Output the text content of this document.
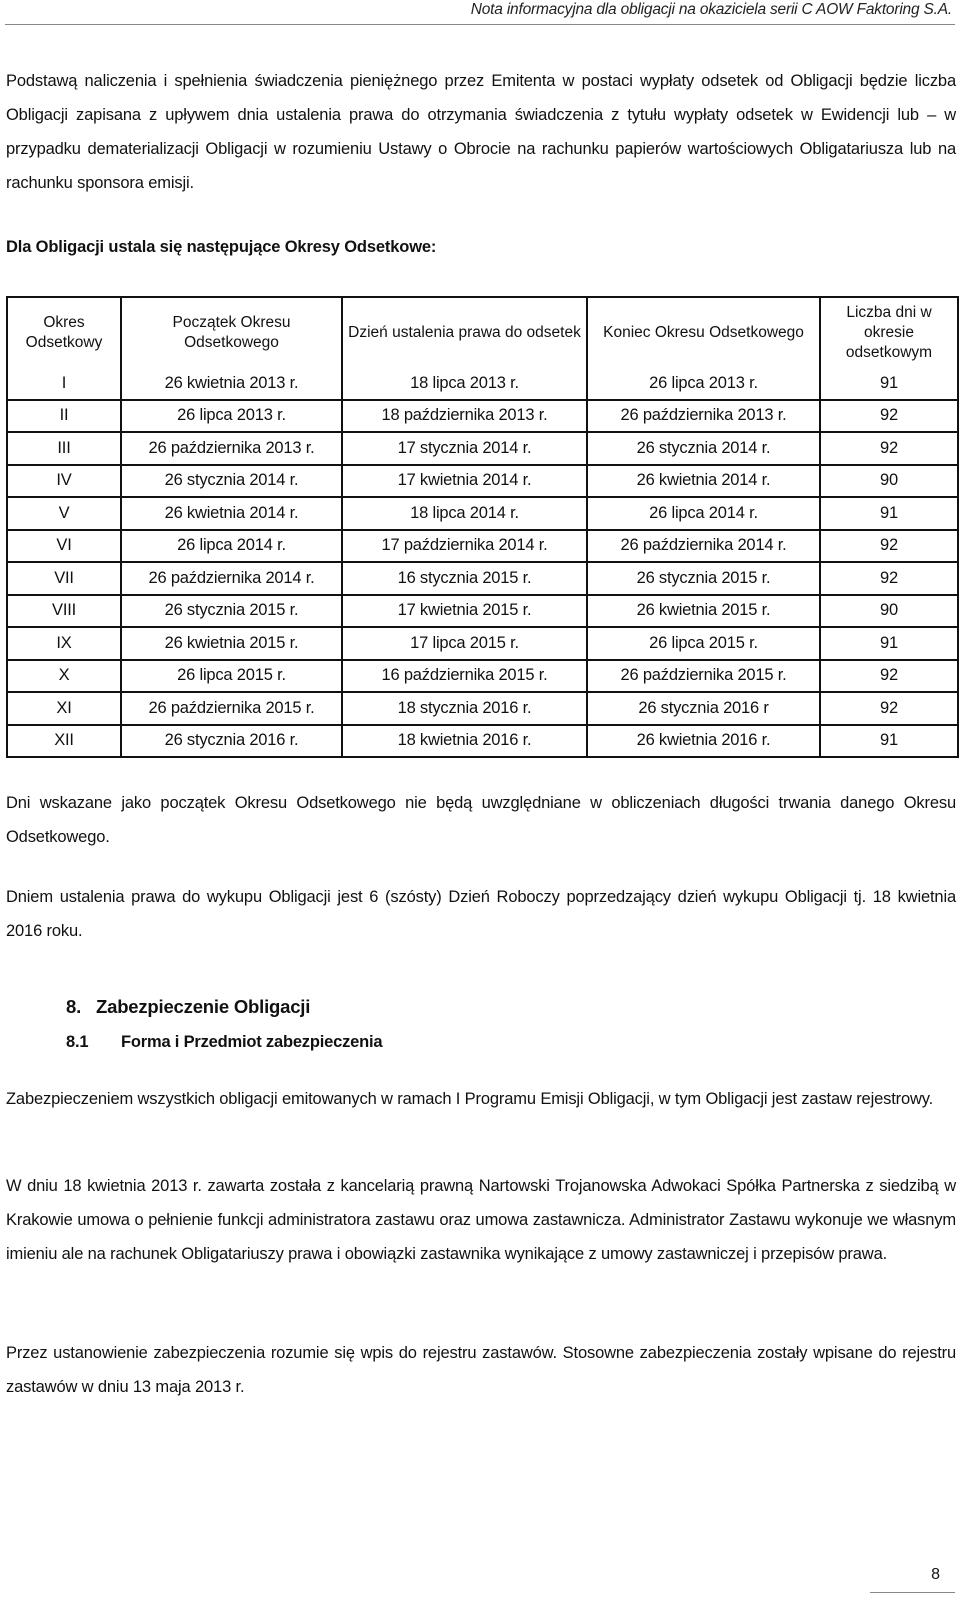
Nota informacyjna dla obligacji na okaziciela serii C AOW Faktoring S.A.

Podstawą naliczenia i spełnienia świadczenia pieniężnego przez Emitenta w postaci wypłaty odsetek od Obligacji będzie liczba Obligacji zapisana z upływem dnia ustalenia prawa do otrzymania świadczenia z tytułu wypłaty odsetek w Ewidencji lub – w przypadku dematerializacji Obligacji w rozumieniu Ustawy o Obrocie na rachunku papierów wartościowych Obligatariusza lub na rachunku sponsora emisji.

Dla Obligacji ustala się następujące Okresy Odsetkowe:
Okres Odsetkowy	Początek Okresu Odsetkowego	Dzień ustalenia prawa do odsetek	Koniec Okresu Odsetkowego	Liczba dni w okresie odsetkowym
I	26 kwietnia 2013 r.	18 lipca 2013 r.	26 lipca 2013 r.	91
II	26 lipca 2013 r.	18 października 2013 r.	26 października 2013 r.	92
III	26 października 2013 r.	17 stycznia 2014 r.	26 stycznia 2014 r.	92
IV	26 stycznia 2014 r.	17 kwietnia 2014 r.	26 kwietnia 2014 r.	90
V	26 kwietnia 2014 r.	18 lipca 2014 r.	26 lipca 2014 r.	91
VI	26 lipca 2014 r.	17 października 2014 r.	26 października 2014 r.	92
VII	26 października 2014 r.	16 stycznia 2015 r.	26 stycznia 2015 r.	92
VIII	26 stycznia 2015 r.	17 kwietnia 2015 r.	26 kwietnia 2015 r.	90
IX	26 kwietnia 2015 r.	17 lipca 2015 r.	26 lipca 2015 r.	91
X	26 lipca 2015 r.	16 października 2015 r.	26 października 2015 r.	92
XI	26 października 2015 r.	18 stycznia 2016 r.	26 stycznia 2016 r	92
XII	26 stycznia 2016 r.	18 kwietnia 2016 r.	26 kwietnia 2016 r.	91

Dni wskazane jako początek Okresu Odsetkowego nie będą uwzględniane w obliczeniach długości trwania danego Okresu Odsetkowego.

Dniem ustalenia prawa do wykupu Obligacji jest 6 (szósty) Dzień Roboczy poprzedzający dzień wykupu Obligacji tj. 18 kwietnia 2016 roku.

8. Zabezpieczenie Obligacji
8.1 Forma i Przedmiot zabezpieczenia

Zabezpieczeniem wszystkich obligacji emitowanych w ramach I Programu Emisji Obligacji, w tym Obligacji jest zastaw rejestrowy.

W dniu 18 kwietnia 2013 r. zawarta została z kancelarią prawną Nartowski Trojanowska Adwokaci Spółka Partnerska z siedzibą w Krakowie umowa o pełnienie funkcji administratora zastawu oraz umowa zastawnicza. Administrator Zastawu wykonuje we własnym imieniu ale na rachunek Obligatariuszy prawa i obowiązki zastawnika wynikające z umowy zastawniczej i przepisów prawa.

Przez ustanowienie zabezpieczenia rozumie się wpis do rejestru zastawów. Stosowne zabezpieczenia zostały wpisane do rejestru zastawów w dniu 13 maja 2013 r.

8
